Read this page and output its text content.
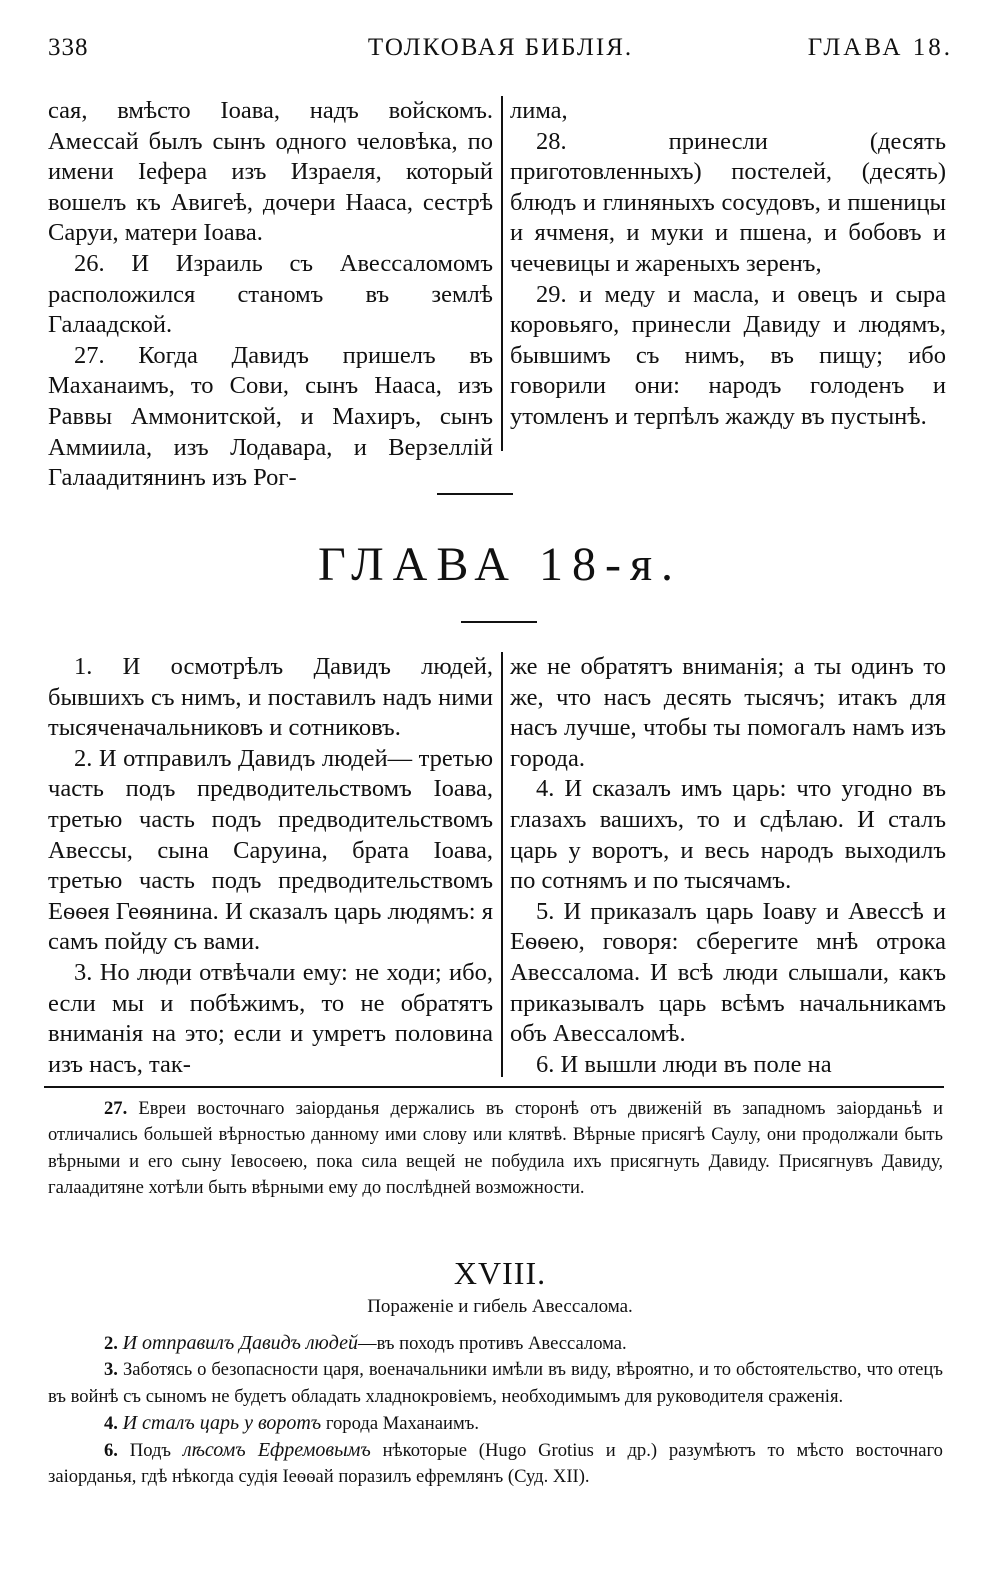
338	ТОЛКОВАЯ БИБЛІЯ.	ГЛАВА 18.

сая, вмѣсто Іоава, надъ войскомъ. Амессай былъ сынъ одного человѣка, по имени Іефера изъ Израеля, который вошелъ къ Авигеѣ, дочери Нааса, сестрѣ Саруи, матери Іоава.

26. И Израиль съ Авессаломомъ расположился станомъ въ землѣ Галаадской.

27. Когда Давидъ пришелъ въ Маханаимъ, то Сови, сынъ Нааса, изъ Раввы Аммонитской, и Махиръ, сынъ Аммиила, изъ Лодавара, и Верзеллій Галаадитянинъ изъ Рог-

лима,

28. принесли (десять приготовленныхъ) постелей, (десять) блюдъ и глиняныхъ сосудовъ, и пшеницы и ячменя, и муки и пшена, и бобовъ и чечевицы и жареныхъ зеренъ,

29. и меду и масла, и овецъ и сыра коровьяго, принесли Давиду и людямъ, бывшимъ съ нимъ, въ пищу; ибо говорили они: народъ голоденъ и утомленъ и терпѣлъ жажду въ пустынѣ.

ГЛАВА 18-я.

1. И осмотрѣлъ Давидъ людей, бывшихъ съ нимъ, и поставилъ надъ ними тысяченачальниковъ и сотниковъ.

2. И отправилъ Давидъ людей— третью часть подъ предводительствомъ Іоава, третью часть подъ предводительствомъ Авессы, сына Саруина, брата Іоава, третью часть подъ предводительствомъ Еѳѳея Геѳянина. И сказалъ царь людямъ: я самъ пойду съ вами.

3. Но люди отвѣчали ему: не ходи; ибо, если мы и побѣжимъ, то не обратятъ вниманія на это; если и умретъ половина изъ насъ, так-

же не обратятъ вниманія; а ты одинъ то же, что насъ десять тысячъ; итакъ для насъ лучше, чтобы ты помогалъ намъ изъ города.

4. И сказалъ имъ царь: что угодно въ глазахъ вашихъ, то и сдѣлаю. И сталъ царь у воротъ, и весь народъ выходилъ по сотнямъ и по тысячамъ.

5. И приказалъ царь Іоаву и Авессѣ и Еѳѳею, говоря: сберегите мнѣ отрока Авессалома. И всѣ люди слышали, какъ приказывалъ царь всѣмъ начальникамъ объ Авессаломѣ.

6. И вышли люди въ поле на

27. Евреи восточнаго заіорданья держались въ сторонѣ отъ движеній въ западномъ заіорданьѣ и отличались большей вѣрностью данному ими слову или клятвѣ. Вѣрные присягѣ Саулу, они продолжали быть вѣрными и его сыну Іевосѳею, пока сила вещей не побудила ихъ присягнуть Давиду. Присягнувъ Давиду, галаадитяне хотѣли быть вѣрными ему до послѣдней возможности.

XVIII.
Пораженіе и гибель Авессалома.

2. И отправилъ Давидъ людей—въ походъ противъ Авессалома.

3. Заботясь о безопасности царя, военачальники имѣли въ виду, вѣроятно, и то обстоятельство, что отецъ въ войнѣ съ сыномъ не будетъ обладать хладнокровіемъ, необходимымъ для руководителя сраженія.

4. И сталъ царь у воротъ города Маханаимъ.

6. Подъ лѣсомъ Ефремовымъ нѣкоторые (Hugo Grotius и др.) разумѣютъ то мѣсто восточнаго заіорданья, гдѣ нѣкогда судія Іеѳѳай поразилъ ефремлянъ (Суд. XII).
